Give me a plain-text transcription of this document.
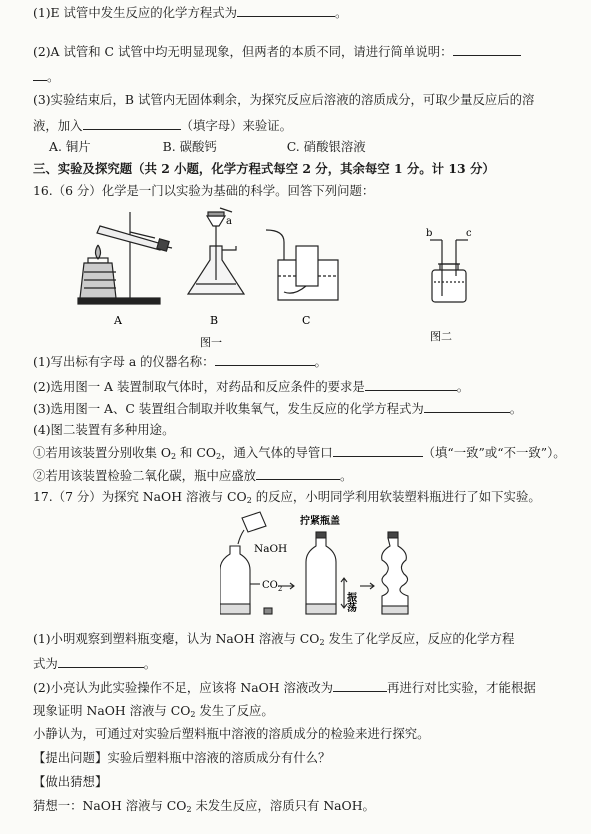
(1)E 试管中发生反应的化学方程式为	。
(2)A 试管和 C 试管中均无明显现象，但两者的本质不同，请进行简单说明：
。
(3)实验结束后，B 试管内无固体剩余，为探究反应后溶液的溶质成分，可取少量反应后的溶
液，加入	（填字母）来验证。
A. 铜片	B. 碳酸钙	C. 硝酸银溶液
三、实验及探究题（共 2 小题，化学方程式每空 2 分，其余每空 1 分。计 13 分）
16.（6 分）化学是一门以实验为基础的科学。回答下列问题：
a
A	B	C
b	c
图一	图二
(1)写出标有字母 a 的仪器名称：	。
(2)选用图一 A 装置制取气体时，对药品和反应条件的要求是	。
(3)选用图一 A、C 装置组合制取并收集氧气，发生反应的化学方程式为	。
(4)图二装置有多种用途。
①若用该装置分别收集 $O_2$ 和 $CO_2$，通入气体的导管口	（填“一致”或“不一致”）。
②若用该装置检验二氧化碳，瓶中应盛放	。
17.（7 分）为探究 NaOH 溶液与 $CO_2$ 的反应，小明同学利用软装塑料瓶进行了如下实验。
NaOH
$CO_2$
拧紧瓶盖
振荡
(1)小明观察到塑料瓶变瘪，认为 NaOH 溶液与 $CO_2$ 发生了化学反应，反应的化学方程
式为	。
(2)小亮认为此实验操作不足，应该将 NaOH 溶液改为	再进行对比实验，才能根据
现象证明 NaOH 溶液与 $CO_2$ 发生了反应。
小静认为，可通过对实验后塑料瓶中溶液的溶质成分的检验来进行探究。
【提出问题】实验后塑料瓶中溶液的溶质成分有什么？
【做出猜想】
猜想一：NaOH 溶液与 $CO_2$ 未发生反应，溶质只有 NaOH。
